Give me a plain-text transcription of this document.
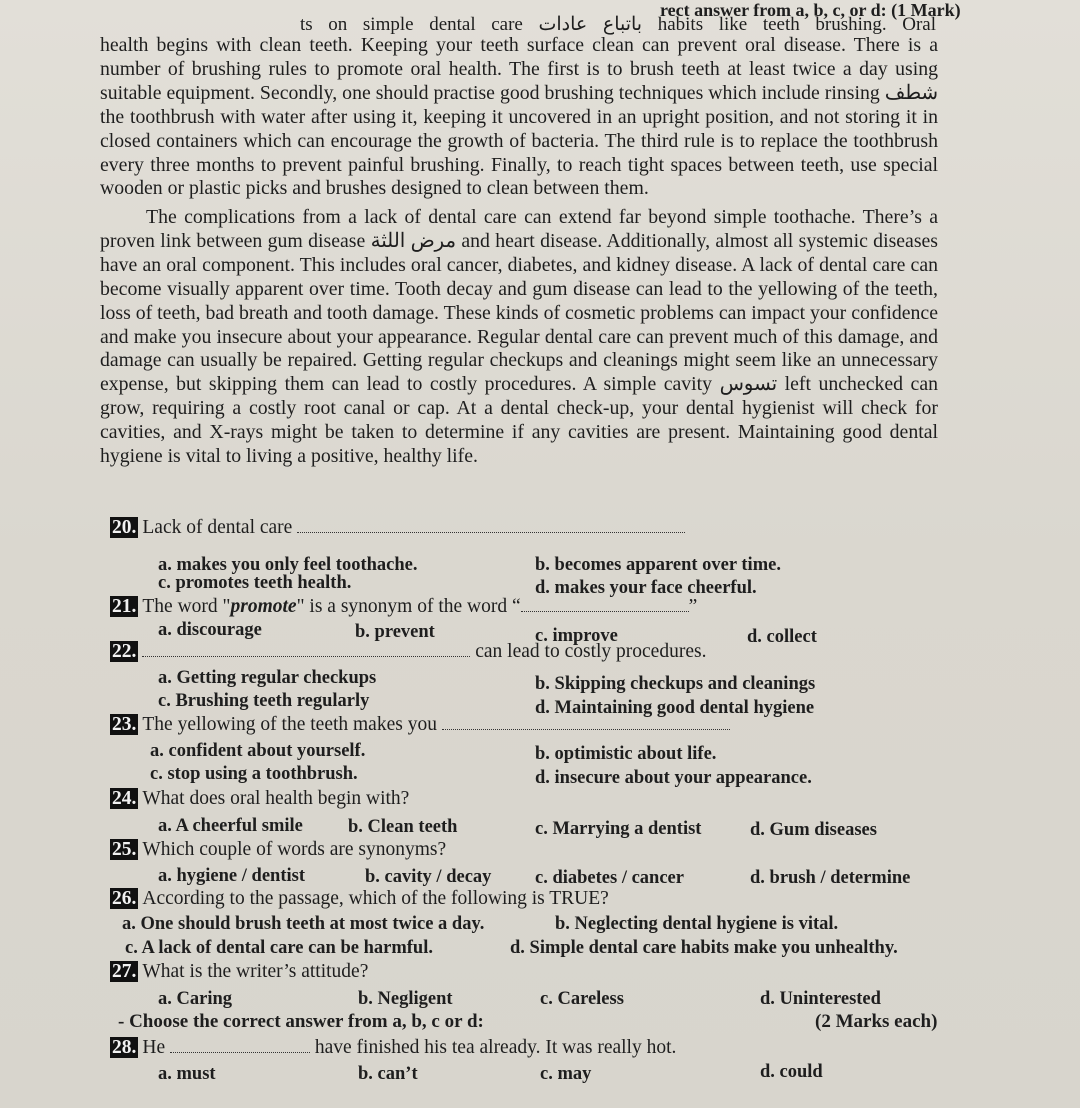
rect answer from a, b, c, or d: (1 Mark)
ts on simple dental care باتباع عادات habits like teeth brushing. Oral
health begins with clean teeth. Keeping your teeth surface clean can prevent oral disease. There is a number of brushing rules to promote oral health. The first is to brush teeth at least twice a day using suitable equipment. Secondly, one should practise good brushing techniques which include rinsing شطف the toothbrush with water after using it, keeping it uncovered in an upright position, and not storing it in closed containers which can encourage the growth of bacteria. The third rule is to replace the toothbrush every three months to prevent painful brushing. Finally, to reach tight spaces between teeth, use special wooden or plastic picks and brushes designed to clean between them.
The complications from a lack of dental care can extend far beyond simple toothache. There’s a proven link between gum disease مرض اللثة and heart disease. Additionally, almost all systemic diseases have an oral component. This includes oral cancer, diabetes, and kidney disease. A lack of dental care can become visually apparent over time. Tooth decay and gum disease can lead to the yellowing of the teeth, loss of teeth, bad breath and tooth damage. These kinds of cosmetic problems can impact your confidence and make you insecure about your appearance. Regular dental care can prevent much of this damage, and damage can usually be repaired. Getting regular checkups and cleanings might seem like an unnecessary expense, but skipping them can lead to costly procedures. A simple cavity تسوس left unchecked can grow, requiring a costly root canal or cap. At a dental check-up, your dental hygienist will check for cavities, and X-rays might be taken to determine if any cavities are present. Maintaining good dental hygiene is vital to living a positive, healthy life.
20. Lack of dental care
a. makes you only feel toothache.	b. becomes apparent over time.
c. promotes teeth health.	d. makes your face cheerful.
21. The word "promote" is a synonym of the word “	”
a. discourage	b. prevent	c. improve	d. collect
22.	can lead to costly procedures.
a. Getting regular checkups	b. Skipping checkups and cleanings
c. Brushing teeth regularly	d. Maintaining good dental hygiene
23. The yellowing of the teeth makes you
a. confident about yourself.	b. optimistic about life.
c. stop using a toothbrush.	d. insecure about your appearance.
24. What does oral health begin with?
a. A cheerful smile b. Clean teeth	c. Marrying a dentist	d. Gum diseases
25. Which couple of words are synonyms?
a. hygiene / dentist	b. cavity / decay c. diabetes / cancer	d. brush / determine
26. According to the passage, which of the following is TRUE?
a. One should brush teeth at most twice a day.	b. Neglecting dental hygiene is vital.
c. A lack of dental care can be harmful.	d. Simple dental care habits make you unhealthy.
27. What is the writer’s attitude?
a. Caring	b. Negligent	c. Careless	d. Uninterested
- Choose the correct answer from a, b, c or d:	(2 Marks each)
28. He	have finished his tea already. It was really hot.
a. must	b. can’t	c. may	d. could
